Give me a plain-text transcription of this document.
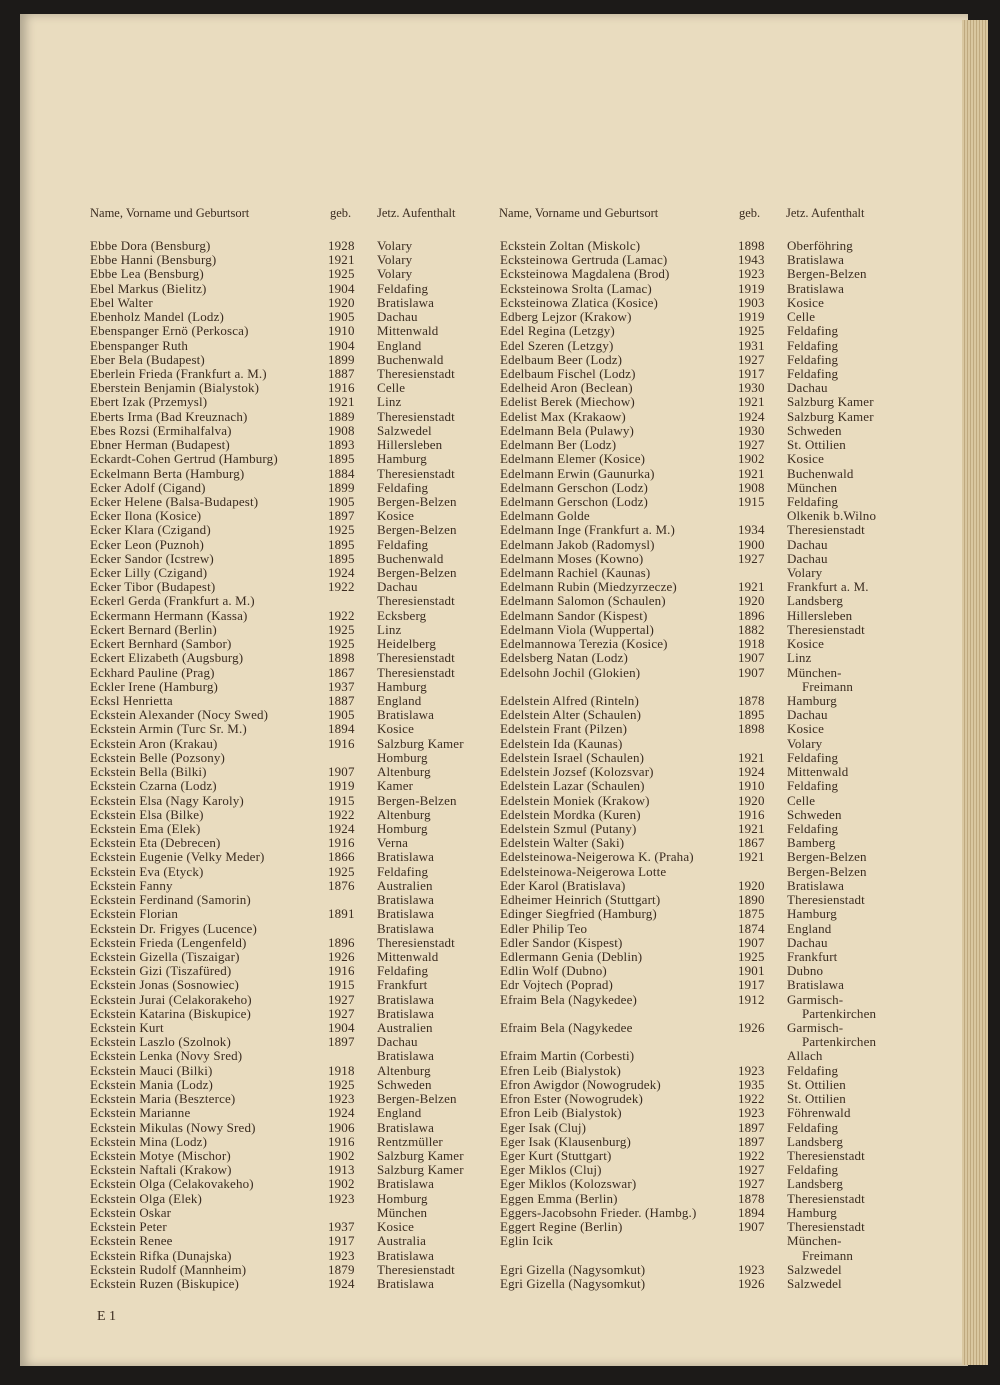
Name, Vorname und Geburtsort	geb. Jetz. Aufenthalt	Name, Vorname und Geburtsort	geb. Jetz. Aufenthalt
Ebbe Dora (Bensburg)	1928 Volary
Ebbe Hanni (Bensburg)	1921 Volary
Ebbe Lea (Bensburg)	1925 Volary
Ebel Markus (Bielitz)	1904 Feldafing
Ebel Walter	1920 Bratislawa
Ebenholz Mandel (Lodz)	1905 Dachau
Ebenspanger Ernö (Perkosca)	1910 Mittenwald
Ebenspanger Ruth	1904 England
Eber Bela (Budapest)	1899 Buchenwald
Eberlein Frieda (Frankfurt a. M.)	1887 Theresienstadt
Eberstein Benjamin (Bialystok)	1916 Celle
Ebert Izak (Przemysl)	1921 Linz
Eberts Irma (Bad Kreuznach)	1889 Theresienstadt
Ebes Rozsi (Ermihalfalva)	1908 Salzwedel
Ebner Herman (Budapest)	1893 Hillersleben
Eckardt-Cohen Gertrud (Hamburg)	1895 Hamburg
Eckelmann Berta (Hamburg)	1884 Theresienstadt
Ecker Adolf (Cigand)	1899 Feldafing
Ecker Helene (Balsa-Budapest)	1905 Bergen-Belzen
Ecker Ilona (Kosice)	1897 Kosice
Ecker Klara (Czigand)	1925 Bergen-Belzen
Ecker Leon (Puznoh)	1895 Feldafing
Ecker Sandor (Icstrew)	1895 Buchenwald
Ecker Lilly (Czigand)	1924 Bergen-Belzen
Ecker Tibor (Budapest)	1922 Dachau
Eckerl Gerda (Frankfurt a. M.)	Theresienstadt
Eckermann Hermann (Kassa)	1922 Ecksberg
Eckert Bernard (Berlin)	1925 Linz
Eckert Bernhard (Sambor)	1925 Heidelberg
Eckert Elizabeth (Augsburg)	1898 Theresienstadt
Eckhard Pauline (Prag)	1867 Theresienstadt
Eckler Irene (Hamburg)	1937 Hamburg
Ecksl Henrietta	1887 England
Eckstein Alexander (Nocy Swed)	1905 Bratislawa
Eckstein Armin (Turc Sr. M.)	1894 Kosice
Eckstein Aron (Krakau)	1916 Salzburg Kamer
Eckstein Belle (Pozsony)	Homburg
Eckstein Bella (Bilki)	1907 Altenburg
Eckstein Czarna (Lodz)	1919 Kamer
Eckstein Elsa (Nagy Karoly)	1915 Bergen-Belzen
Eckstein Elsa (Bilke)	1922 Altenburg
Eckstein Ema (Elek)	1924 Homburg
Eckstein Eta (Debrecen)	1916 Verna
Eckstein Eugenie (Velky Meder)	1866 Bratislawa
Eckstein Eva (Etyck)	1925 Feldafing
Eckstein Fanny	1876 Australien
Eckstein Ferdinand (Samorin)	Bratislawa
Eckstein Florian	1891 Bratislawa
Eckstein Dr. Frigyes (Lucence)	Bratislawa
Eckstein Frieda (Lengenfeld)	1896 Theresienstadt
Eckstein Gizella (Tiszaigar)	1926 Mittenwald
Eckstein Gizi (Tiszafüred)	1916 Feldafing
Eckstein Jonas (Sosnowiec)	1915 Frankfurt
Eckstein Jurai (Celakorakeho)	1927 Bratislawa
Eckstein Katarina (Biskupice)	1927 Bratislawa
Eckstein Kurt	1904 Australien
Eckstein Laszlo (Szolnok)	1897 Dachau
Eckstein Lenka (Novy Sred)	Bratislawa
Eckstein Mauci (Bilki)	1918 Altenburg
Eckstein Mania (Lodz)	1925 Schweden
Eckstein Maria (Beszterce)	1923 Bergen-Belzen
Eckstein Marianne	1924 England
Eckstein Mikulas (Nowy Sred)	1906 Bratislawa
Eckstein Mina (Lodz)	1916 Rentzmüller
Eckstein Motye (Mischor)	1902 Salzburg Kamer
Eckstein Naftali (Krakow)	1913 Salzburg Kamer
Eckstein Olga (Celakovakeho)	1902 Bratislawa
Eckstein Olga (Elek)	1923 Homburg
Eckstein Oskar	München
Eckstein Peter	1937 Kosice
Eckstein Renee	1917 Australia
Eckstein Rifka (Dunajska)	1923 Bratislawa
Eckstein Rudolf (Mannheim)	1879 Theresienstadt
Eckstein Ruzen (Biskupice)	1924 Bratislawa
Eckstein Zoltan (Miskolc)	1898 Oberföhring
Ecksteinowa Gertruda (Lamac)	1943 Bratislawa
Ecksteinowa Magdalena (Brod)	1923 Bergen-Belzen
Ecksteinowa Srolta (Lamac)	1919 Bratislawa
Ecksteinowa Zlatica (Kosice)	1903 Kosice
Edberg Lejzor (Krakow)	1919 Celle
Edel Regina (Letzgy)	1925 Feldafing
Edel Szeren (Letzgy)	1931 Feldafing
Edelbaum Beer (Lodz)	1927 Feldafing
Edelbaum Fischel (Lodz)	1917 Feldafing
Edelheid Aron (Beclean)	1930 Dachau
Edelist Berek (Miechow)	1921 Salzburg Kamer
Edelist Max (Krakaow)	1924 Salzburg Kamer
Edelmann Bela (Pulawy)	1930 Schweden
Edelmann Ber (Lodz)	1927 St. Ottilien
Edelmann Elemer (Kosice)	1902 Kosice
Edelmann Erwin (Gaunurka)	1921 Buchenwald
Edelmann Gerschon (Lodz)	1908 München
Edelmann Gerschon (Lodz)	1915 Feldafing
Edelmann Golde	Olkenik b.Wilno
Edelmann Inge (Frankfurt a. M.)	1934 Theresienstadt
Edelmann Jakob (Radomysl)	1900 Dachau
Edelmann Moses (Kowno)	1927 Dachau
Edelmann Rachiel (Kaunas)	Volary
Edelmann Rubin (Miedzyrzecze)	1921 Frankfurt a. M.
Edelmann Salomon (Schaulen)	1920 Landsberg
Edelmann Sandor (Kispest)	1896 Hillersleben
Edelmann Viola (Wuppertal)	1882 Theresienstadt
Edelmannowa Terezia (Kosice)	1918 Kosice
Edelsberg Natan (Lodz)	1907 Linz
Edelsohn Jochil (Glokien)	1907 München-
Freimann
Edelstein Alfred (Rinteln)	1878 Hamburg
Edelstein Alter (Schaulen)	1895 Dachau
Edelstein Frant (Pilzen)	1898 Kosice
Edelstein Ida (Kaunas)	Volary
Edelstein Israel (Schaulen)	1921 Feldafing
Edelstein Jozsef (Kolozsvar)	1924 Mittenwald
Edelstein Lazar (Schaulen)	1910 Feldafing
Edelstein Moniek (Krakow)	1920 Celle
Edelstein Mordka (Kuren)	1916 Schweden
Edelstein Szmul (Putany)	1921 Feldafing
Edelstein Walter (Saki)	1867 Bamberg
Edelsteinowa-Neigerowa K. (Praha)	1921 Bergen-Belzen
Edelsteinowa-Neigerowa Lotte	Bergen-Belzen
Eder Karol (Bratislava)	1920 Bratislawa
Edheimer Heinrich (Stuttgart)	1890 Theresienstadt
Edinger Siegfried (Hamburg)	1875 Hamburg
Edler Philip Teo	1874 England
Edler Sandor (Kispest)	1907 Dachau
Edlermann Genia (Deblin)	1925 Frankfurt
Edlin Wolf (Dubno)	1901 Dubno
Edr Vojtech (Poprad)	1917 Bratislawa
Efraim Bela (Nagykedee)	1912 Garmisch-
Partenkirchen
Efraim Bela (Nagykedee	1926 Garmisch-
Partenkirchen
Efraim Martin (Corbesti)	Allach
Efren Leib (Bialystok)	1923 Feldafing
Efron Awigdor (Nowogrudek)	1935 St. Ottilien
Efron Ester (Nowogrudek)	1922 St. Ottilien
Efron Leib (Bialystok)	1923 Föhrenwald
Eger Isak (Cluj)	1897 Feldafing
Eger Isak (Klausenburg)	1897 Landsberg
Eger Kurt (Stuttgart)	1922 Theresienstadt
Eger Miklos (Cluj)	1927 Feldafing
Eger Miklos (Kolozswar)	1927 Landsberg
Eggen Emma (Berlin)	1878 Theresienstadt
Eggers-Jacobsohn Frieder. (Hambg.)	1894 Hamburg
Eggert Regine (Berlin)	1907 Theresienstadt
Eglin Icik	München-
Freimann
Egri Gizella (Nagysomkut)	1923 Salzwedel
Egri Gizella (Nagysomkut)	1926 Salzwedel
E 1
